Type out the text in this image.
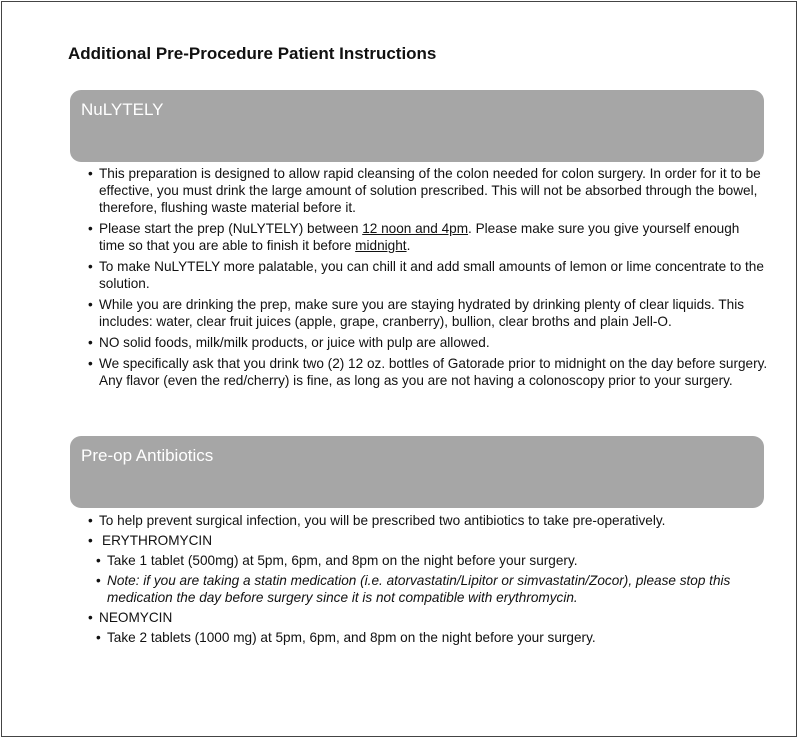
Additional Pre-Procedure Patient Instructions
NuLYTELY
• This preparation is designed to allow rapid cleansing of the colon needed for colon surgery. In order for it to be effective, you must drink the large amount of solution prescribed. This will not be absorbed through the bowel, therefore, flushing waste material before it.
• Please start the prep (NuLYTELY) between 12 noon and 4pm. Please make sure you give yourself enough time so that you are able to finish it before midnight.
• To make NuLYTELY more palatable, you can chill it and add small amounts of lemon or lime concentrate to the solution.
• While you are drinking the prep, make sure you are staying hydrated by drinking plenty of clear liquids. This includes: water, clear fruit juices (apple, grape, cranberry), bullion, clear broths and plain Jell-O.
• NO solid foods, milk/milk products, or juice with pulp are allowed.
• We specifically ask that you drink two (2) 12 oz. bottles of Gatorade prior to midnight on the day before surgery. Any flavor (even the red/cherry) is fine, as long as you are not having a colonoscopy prior to your surgery.
Pre-op Antibiotics
• To help prevent surgical infection, you will be prescribed two antibiotics to take pre-operatively.
• ERYTHROMYCIN
• Take 1 tablet (500mg) at 5pm, 6pm, and 8pm on the night before your surgery.
• Note: if you are taking a statin medication (i.e. atorvastatin/Lipitor or simvastatin/Zocor), please stop this medication the day before surgery since it is not compatible with erythromycin.
• NEOMYCIN
• Take 2 tablets (1000 mg) at 5pm, 6pm, and 8pm on the night before your surgery.
